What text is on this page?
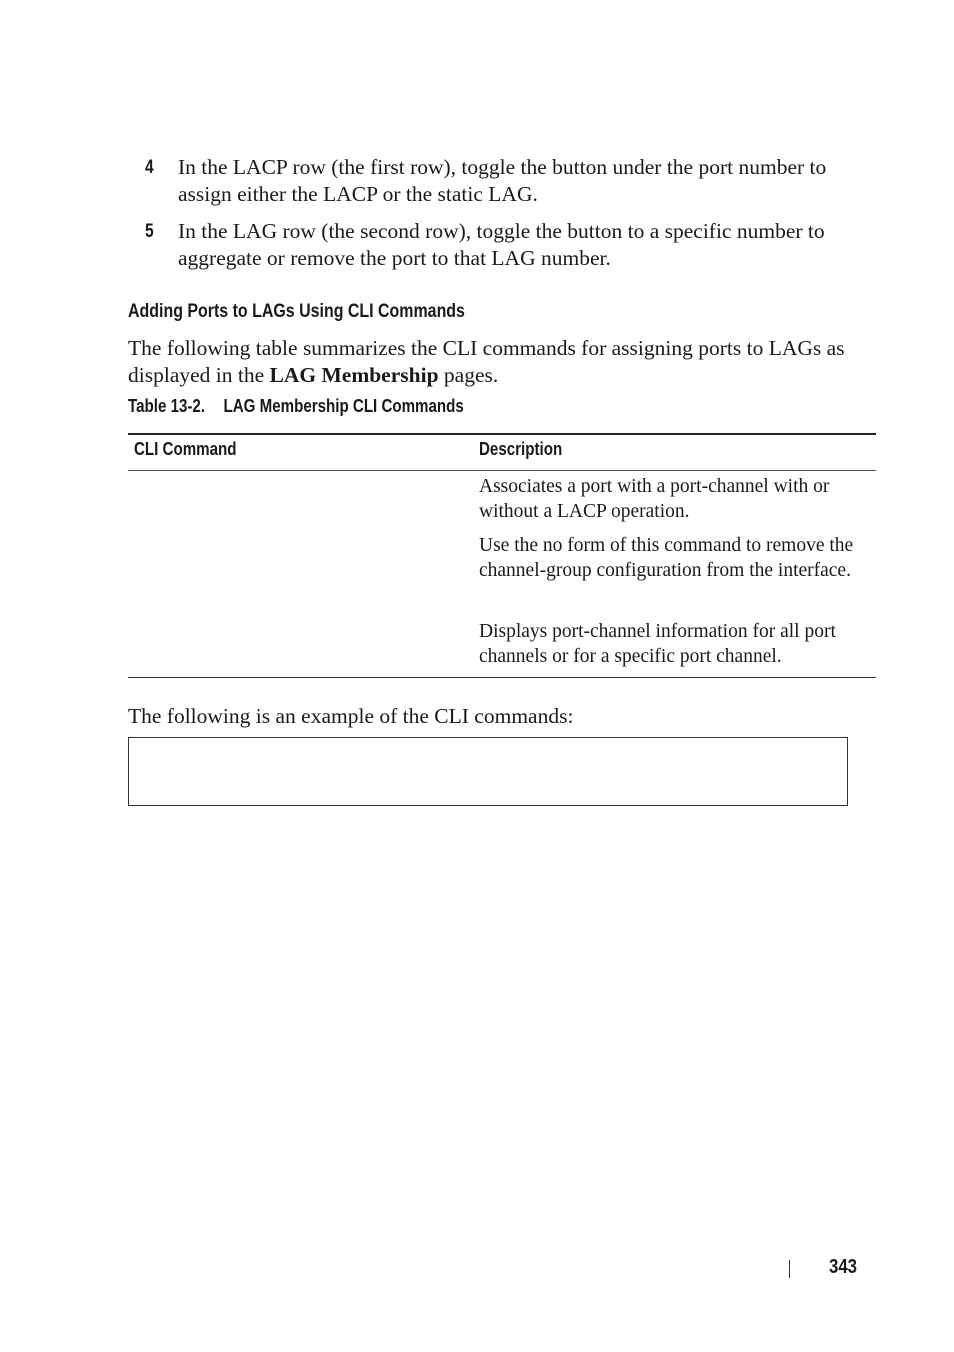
4 In the LACP row (the first row), toggle the button under the port number to assign either the LACP or the static LAG.
5 In the LAG row (the second row), toggle the button to a specific number to aggregate or remove the port to that LAG number.
Adding Ports to LAGs Using CLI Commands
The following table summarizes the CLI commands for assigning ports to LAGs as displayed in the LAG Membership pages.
Table 13-2. LAG Membership CLI Commands
CLI Command	Description
Associates a port with a port-channel with or without a LACP operation.
Use the no form of this command to remove the channel-group configuration from the interface.
Displays port-channel information for all port channels or for a specific port channel.
The following is an example of the CLI commands:
343
